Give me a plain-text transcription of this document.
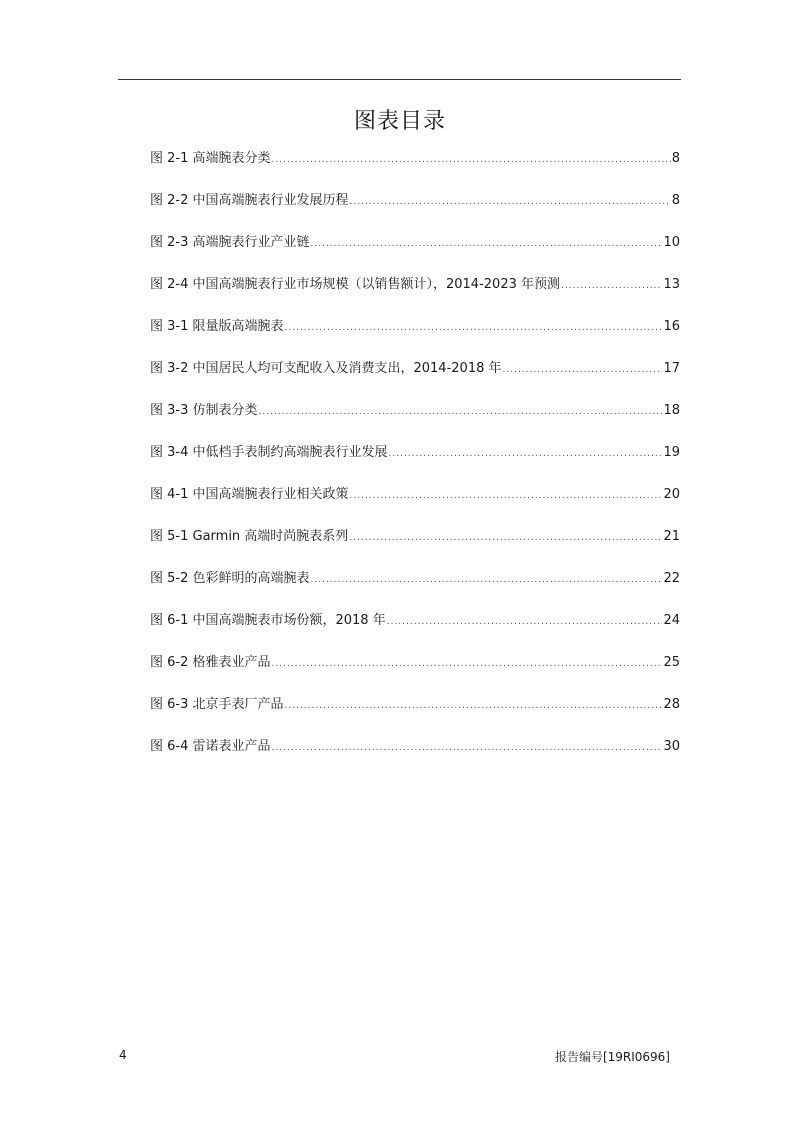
图表目录
图 2-1 高端腕表分类 .....	8
图 2-2 中国高端腕表行业发展历程 .....	8
图 2-3 高端腕表行业产业链 .....	10
图 2-4 中国高端腕表行业市场规模（以销售额计），2014-2023 年预测 .....	13
图 3-1 限量版高端腕表 .....	16
图 3-2 中国居民人均可支配收入及消费支出，2014-2018 年 .....	17
图 3-3 仿制表分类 .....	18
图 3-4 中低档手表制约高端腕表行业发展 .....	19
图 4-1 中国高端腕表行业相关政策 .....	20
图 5-1 Garmin 高端时尚腕表系列 .....	21
图 5-2 色彩鲜明的高端腕表 .....	22
图 6-1 中国高端腕表市场份额，2018 年 .....	24
图 6-2 格雅表业产品 .....	25
图 6-3 北京手表厂产品 .....	28
图 6-4 雷诺表业产品 .....	30
4	报告编号[19RI0696]
